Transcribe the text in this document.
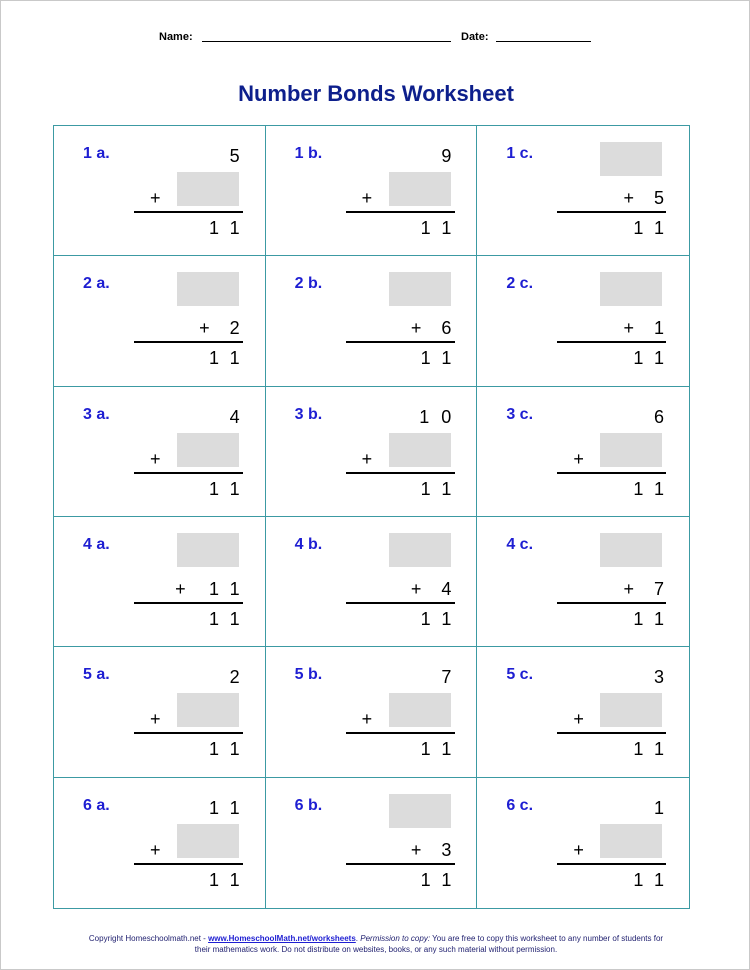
Name:	Date:
Number Bonds Worksheet
1 a.	5
+
11
1 b.	9
+
11
1 c.
+	5
11
2 a.
+	2
11
2 b.
+	6
11
2 c.
+	1
11
3 a.	4
+
11
3 b.	10
+
11
3 c.	6
+
11
4 a.
+	11
11
4 b.
+	4
11
4 c.
+	7
11
5 a.	2
+
11
5 b.	7
+
11
5 c.	3
+
11
6 a.	11
+
11
6 b.
+	3
11
6 c.	1
+
11
Copyright Homeschoolmath.net - www.HomeschoolMath.net/worksheets. Permission to copy: You are free to copy this worksheet to any number of students for their mathematics work. Do not distribute on websites, books, or any such material without permission.
